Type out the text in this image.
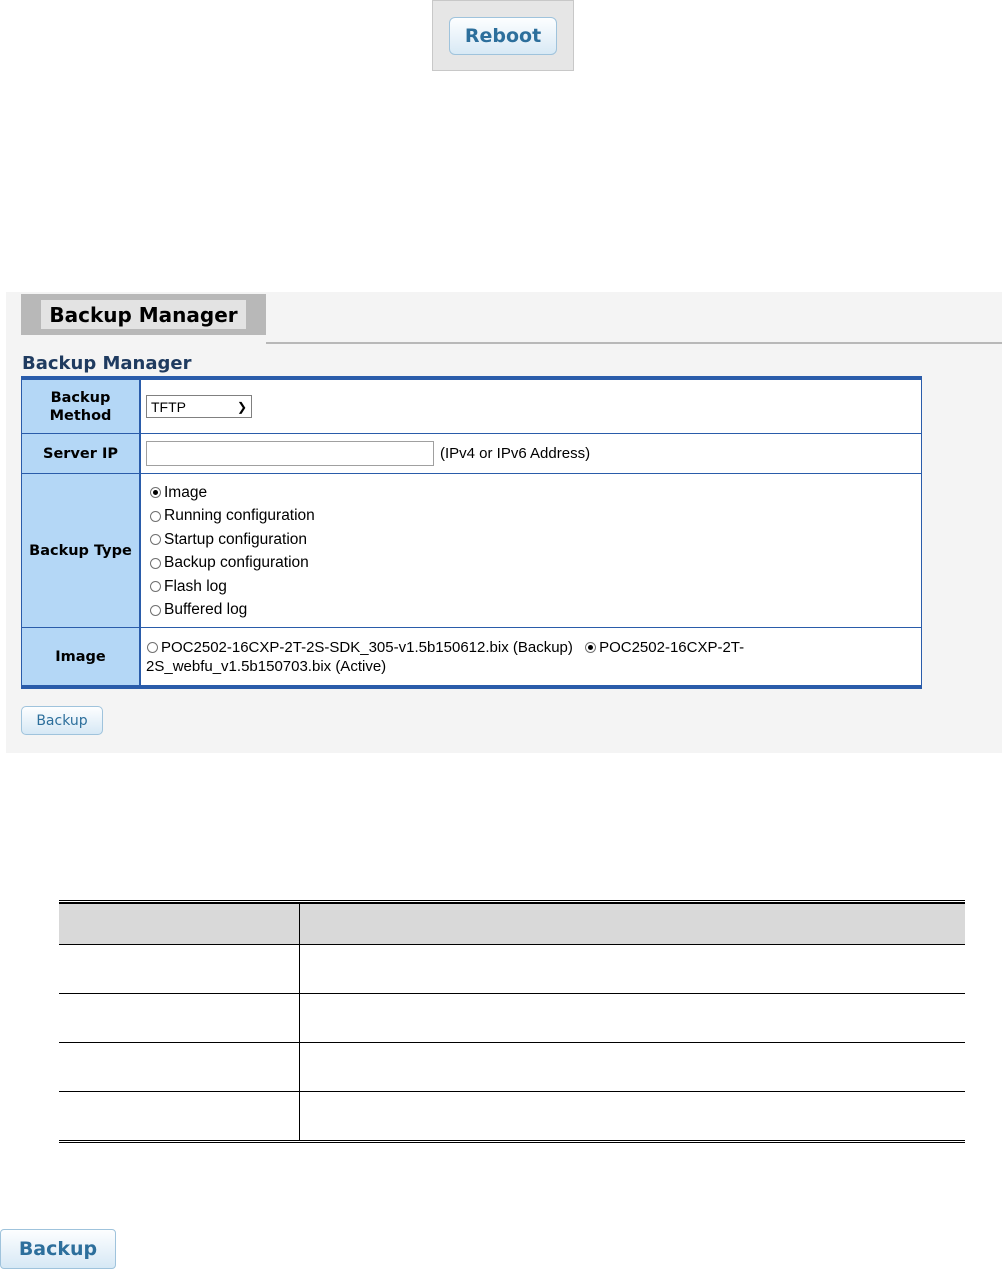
Reboot
Backup Manager
Backup Manager
Backup
Method
TFTP	❯
Server IP	(IPv4 or IPv6 Address)
Backup Type
Image
Running configuration
Startup configuration
Backup configuration
Flash log
Buffered log
Image
POC2502-16CXP-2T-2S-SDK_305-v1.5b150612.bix (Backup) POC2502-16CXP-2T-2S_webfu_v1.5b150703.bix (Active)
Backup
Backup
